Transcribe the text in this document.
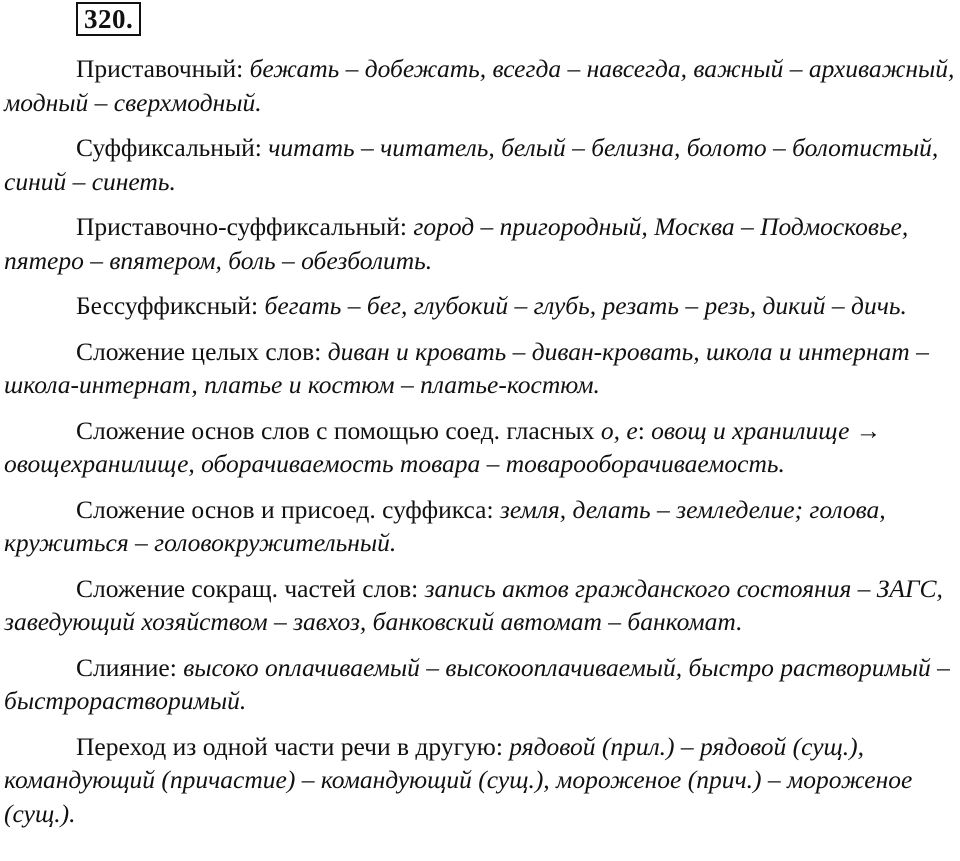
320.

Приставочный: бежать – добежать, всегда – навсегда, важный – архиважный, модный – сверхмодный.

Суффиксальный: читать – читатель, белый – белизна, болото – болотистый, синий – синеть.

Приставочно-суффиксальный: город – пригородный, Москва – Подмосковье, пятеро – впятером, боль – обезболить.

Бессуффиксный: бегать – бег, глубокий – глубь, резать – резь, дикий – дичь.

Сложение целых слов: диван и кровать – диван-кровать, школа и интернат – школа-интернат, платье и костюм – платье-костюм.

Сложение основ слов с помощью соед. гласных о, е: овощ и хранилище → овощехранилище, оборачиваемость товара – товарооборачиваемость.

Сложение основ и присоед. суффикса: земля, делать – земледелие; голова, кружиться – головокружительный.

Сложение сокращ. частей слов: запись актов гражданского состояния – ЗАГС, заведующий хозяйством – завхоз, банковский автомат – банкомат.

Слияние: высоко оплачиваемый – высокооплачиваемый, быстро растворимый – быстрорастворимый.

Переход из одной части речи в другую: рядовой (прил.) – рядовой (сущ.), командующий (причастие) – командующий (сущ.), мороженое (прич.) – мороженое (сущ.).
